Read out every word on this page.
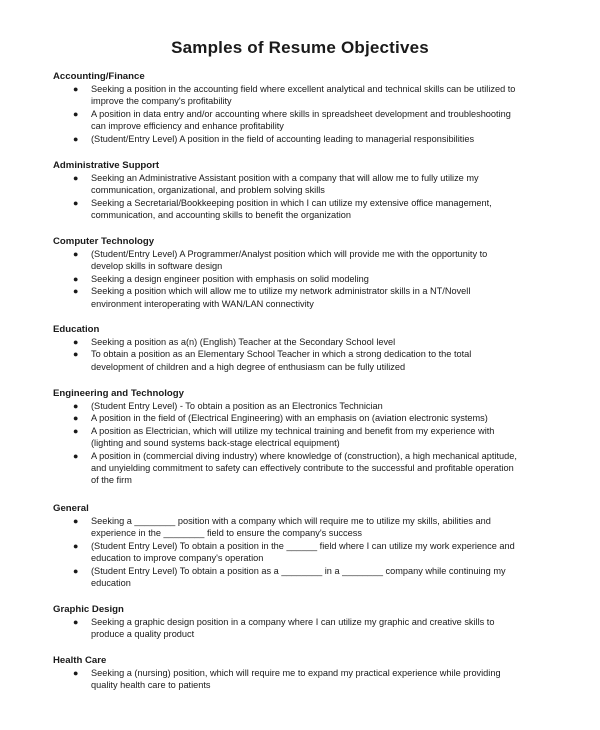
Samples of Resume Objectives
Accounting/Finance
● Seeking a position in the accounting field where excellent analytical and technical skills can be utilized to
improve the company's profitability
● A position in data entry and/or accounting where skills in spreadsheet development and troubleshooting
can improve efficiency and enhance profitability
● (Student/Entry Level) A position in the field of accounting leading to managerial responsibilities
Administrative Support
● Seeking an Administrative Assistant position with a company that will allow me to fully utilize my
communication, organizational, and problem solving skills
● Seeking a Secretarial/Bookkeeping position in which I can utilize my extensive office management,
communication, and accounting skills to benefit the organization
Computer Technology
● (Student/Entry Level) A Programmer/Analyst position which will provide me with the opportunity to
develop skills in software design
● Seeking a design engineer position with emphasis on solid modeling
● Seeking a position which will allow me to utilize my network administrator skills in a NT/Novell
environment interoperating with WAN/LAN connectivity
Education
● Seeking a position as a(n) (English) Teacher at the Secondary School level
● To obtain a position as an Elementary School Teacher in which a strong dedication to the total
development of children and a high degree of enthusiasm can be fully utilized
Engineering and Technology
● (Student Entry Level) - To obtain a position as an Electronics Technician
● A position in the field of (Electrical Engineering) with an emphasis on (aviation electronic systems)
● A position as Electrician, which will utilize my technical training and benefit from my experience with
(lighting and sound systems back-stage electrical equipment)
● A position in (commercial diving industry) where knowledge of (construction), a high mechanical aptitude,
and unyielding commitment to safety can effectively contribute to the successful and profitable operation
of the firm
General
● Seeking a ________ position with a company which will require me to utilize my skills, abilities and
experience in the ________ field to ensure the company's success
● (Student Entry Level) To obtain a position in the ______ field where I can utilize my work experience and
education to improve company's operation
● (Student Entry Level) To obtain a position as a ________ in a ________ company while continuing my
education
Graphic Design
● Seeking a graphic design position in a company where I can utilize my graphic and creative skills to
produce a quality product
Health Care
● Seeking a (nursing) position, which will require me to expand my practical experience while providing
quality health care to patients
